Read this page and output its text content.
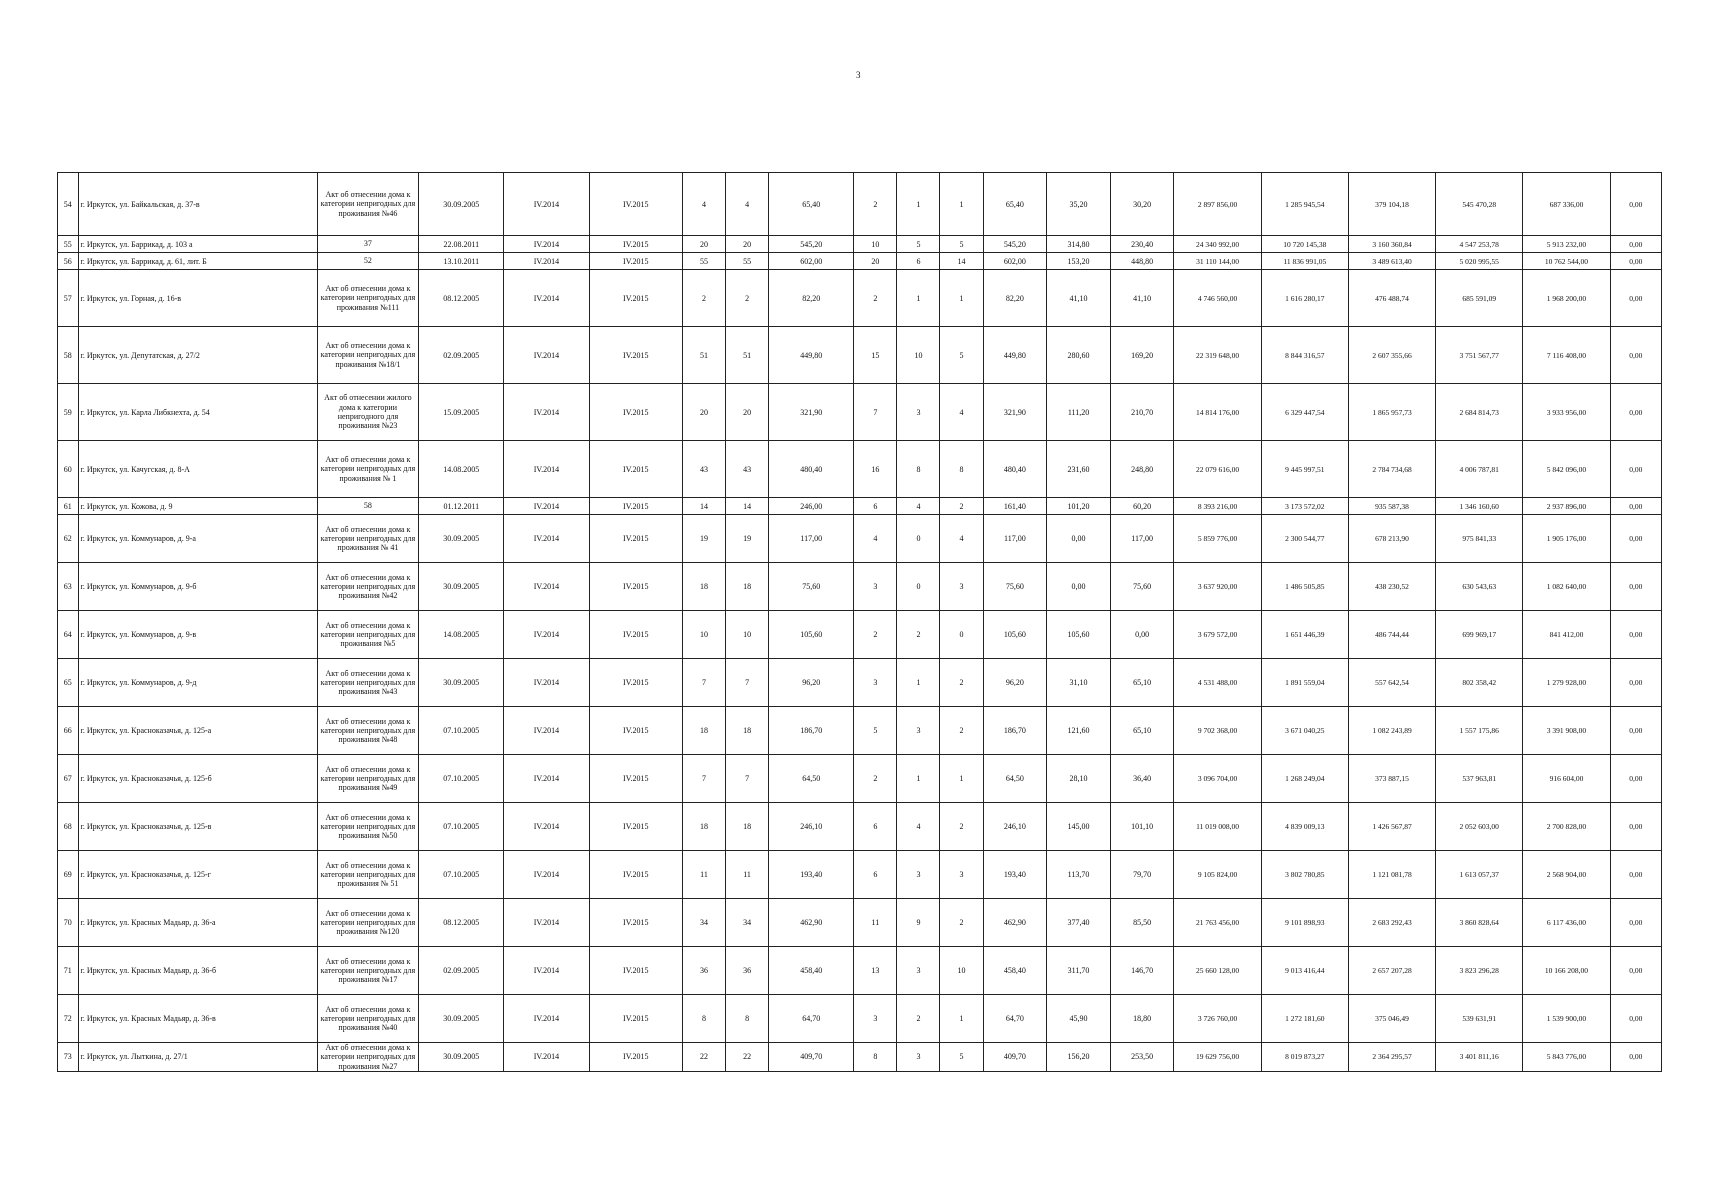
3
54	г. Иркутск, ул. Байкальская, д. 37-в	Акт об отнесении дома к категории непригодных для проживания №46	30.09.2005	IV.2014	IV.2015	4	4	65,40	2	1	1	65,40	35,20	30,20	2 897 856,00	1 285 945,54	379 104,18	545 470,28	687 336,00	0,00
55	г. Иркутск, ул. Баррикад, д. 103 а	37	22.08.2011	IV.2014	IV.2015	20	20	545,20	10	5	5	545,20	314,80	230,40	24 340 992,00	10 720 145,38	3 160 360,84	4 547 253,78	5 913 232,00	0,00
56	г. Иркутск, ул. Баррикад, д. 61, лит. Б	52	13.10.2011	IV.2014	IV.2015	55	55	602,00	20	6	14	602,00	153,20	448,80	31 110 144,00	11 836 991,05	3 489 613,40	5 020 995,55	10 762 544,00	0,00
57	г. Иркутск, ул. Горная, д. 16-в	Акт об отнесении дома к категории непригодных для проживания №111	08.12.2005	IV.2014	IV.2015	2	2	82,20	2	1	1	82,20	41,10	41,10	4 746 560,00	1 616 280,17	476 488,74	685 591,09	1 968 200,00	0,00
58	г. Иркутск, ул. Депутатская, д. 27/2	Акт об отнесении дома к категории непригодных для проживания №18/1	02.09.2005	IV.2014	IV.2015	51	51	449,80	15	10	5	449,80	280,60	169,20	22 319 648,00	8 844 316,57	2 607 355,66	3 751 567,77	7 116 408,00	0,00
59	г. Иркутск, ул. Карла Либкнехта, д. 54	Акт об отнесении жилого дома к категории непригодного для проживания №23	15.09.2005	IV.2014	IV.2015	20	20	321,90	7	3	4	321,90	111,20	210,70	14 814 176,00	6 329 447,54	1 865 957,73	2 684 814,73	3 933 956,00	0,00
60	г. Иркутск, ул. Качугская, д. 8-А	Акт об отнесении дома к категории непригодных для проживания № 1	14.08.2005	IV.2014	IV.2015	43	43	480,40	16	8	8	480,40	231,60	248,80	22 079 616,00	9 445 997,51	2 784 734,68	4 006 787,81	5 842 096,00	0,00
61	г. Иркутск, ул. Кожова, д. 9	58	01.12.2011	IV.2014	IV.2015	14	14	246,00	6	4	2	161,40	101,20	60,20	8 393 216,00	3 173 572,02	935 587,38	1 346 160,60	2 937 896,00	0,00
62	г. Иркутск, ул. Коммунаров, д. 9-а	Акт об отнесении дома к категории непригодных для проживания № 41	30.09.2005	IV.2014	IV.2015	19	19	117,00	4	0	4	117,00	0,00	117,00	5 859 776,00	2 300 544,77	678 213,90	975 841,33	1 905 176,00	0,00
63	г. Иркутск, ул. Коммунаров, д. 9-б	Акт об отнесении дома к категории непригодных для проживания №42	30.09.2005	IV.2014	IV.2015	18	18	75,60	3	0	3	75,60	0,00	75,60	3 637 920,00	1 486 505,85	438 230,52	630 543,63	1 082 640,00	0,00
64	г. Иркутск, ул. Коммунаров, д. 9-в	Акт об отнесении дома к категории непригодных для проживания №5	14.08.2005	IV.2014	IV.2015	10	10	105,60	2	2	0	105,60	105,60	0,00	3 679 572,00	1 651 446,39	486 744,44	699 969,17	841 412,00	0,00
65	г. Иркутск, ул. Коммунаров, д. 9-д	Акт об отнесении дома к категории непригодных для проживания №43	30.09.2005	IV.2014	IV.2015	7	7	96,20	3	1	2	96,20	31,10	65,10	4 531 488,00	1 891 559,04	557 642,54	802 358,42	1 279 928,00	0,00
66	г. Иркутск, ул. Красноказачья, д. 125-а	Акт об отнесении дома к категории непригодных для проживания №48	07.10.2005	IV.2014	IV.2015	18	18	186,70	5	3	2	186,70	121,60	65,10	9 702 368,00	3 671 040,25	1 082 243,89	1 557 175,86	3 391 908,00	0,00
67	г. Иркутск, ул. Красноказачья, д. 125-б	Акт об отнесении дома к категории непригодных для проживания №49	07.10.2005	IV.2014	IV.2015	7	7	64,50	2	1	1	64,50	28,10	36,40	3 096 704,00	1 268 249,04	373 887,15	537 963,81	916 604,00	0,00
68	г. Иркутск, ул. Красноказачья, д. 125-в	Акт об отнесении дома к категории непригодных для проживания №50	07.10.2005	IV.2014	IV.2015	18	18	246,10	6	4	2	246,10	145,00	101,10	11 019 008,00	4 839 009,13	1 426 567,87	2 052 603,00	2 700 828,00	0,00
69	г. Иркутск, ул. Красноказачья, д. 125-г	Акт об отнесении дома к категории непригодных для проживания № 51	07.10.2005	IV.2014	IV.2015	11	11	193,40	6	3	3	193,40	113,70	79,70	9 105 824,00	3 802 780,85	1 121 081,78	1 613 057,37	2 568 904,00	0,00
70	г. Иркутск, ул. Красных Мадьяр, д. 36-а	Акт об отнесении дома к категории непригодных для проживания №120	08.12.2005	IV.2014	IV.2015	34	34	462,90	11	9	2	462,90	377,40	85,50	21 763 456,00	9 101 898,93	2 683 292,43	3 860 828,64	6 117 436,00	0,00
71	г. Иркутск, ул. Красных Мадьяр, д. 36-б	Акт об отнесении дома к категории непригодных для проживания №17	02.09.2005	IV.2014	IV.2015	36	36	458,40	13	3	10	458,40	311,70	146,70	25 660 128,00	9 013 416,44	2 657 207,28	3 823 296,28	10 166 208,00	0,00
72	г. Иркутск, ул. Красных Мадьяр, д. 36-в	Акт об отнесении дома к категории непригодных для проживания №40	30.09.2005	IV.2014	IV.2015	8	8	64,70	3	2	1	64,70	45,90	18,80	3 726 760,00	1 272 181,60	375 046,49	539 631,91	1 539 900,00	0,00
73	г. Иркутск, ул. Лыткина, д. 27/1	Акт об отнесении дома к категории непригодных для проживания №27	30.09.2005	IV.2014	IV.2015	22	22	409,70	8	3	5	409,70	156,20	253,50	19 629 756,00	8 019 873,27	2 364 295,57	3 401 811,16	5 843 776,00	0,00
